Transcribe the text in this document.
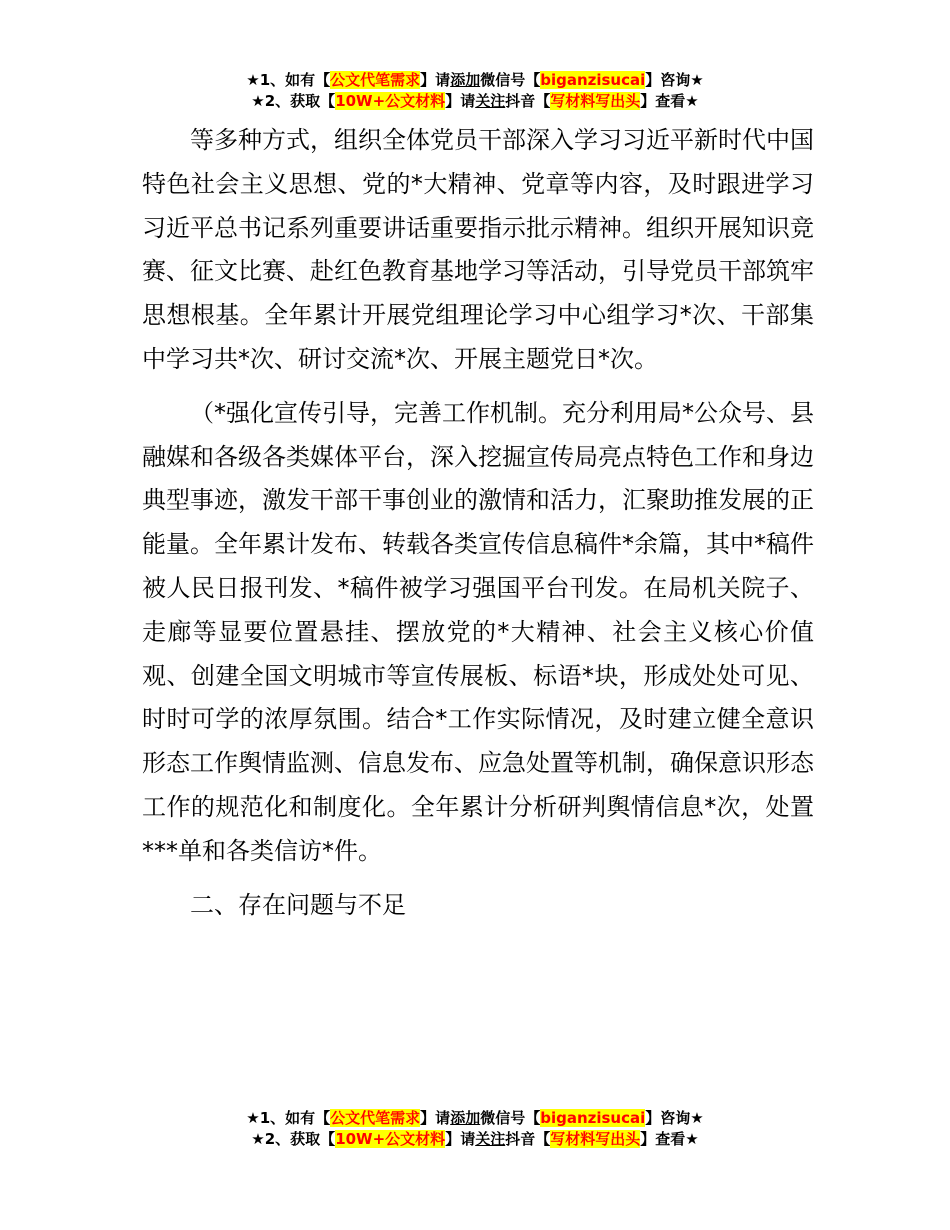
★1、如有【公文代笔需求】请添加微信号【biganzisucai】咨询★
★2、获取【10W+公文材料】请关注抖音【写材料写出头】查看★

等多种方式，组织全体党员干部深入学习习近平新时代中国特色社会主义思想、党的*大精神、党章等内容，及时跟进学习习近平总书记系列重要讲话重要指示批示精神。组织开展知识竞赛、征文比赛、赴红色教育基地学习等活动，引导党员干部筑牢思想根基。全年累计开展党组理论学习中心组学习*次、干部集中学习共*次、研讨交流*次、开展主题党日*次。

（*强化宣传引导，完善工作机制。充分利用局*公众号、县融媒和各级各类媒体平台，深入挖掘宣传局亮点特色工作和身边典型事迹，激发干部干事创业的激情和活力，汇聚助推发展的正能量。全年累计发布、转载各类宣传信息稿件*余篇，其中*稿件被人民日报刊发、*稿件被学习强国平台刊发。在局机关院子、走廊等显要位置悬挂、摆放党的*大精神、社会主义核心价值观、创建全国文明城市等宣传展板、标语*块，形成处处可见、时时可学的浓厚氛围。结合*工作实际情况，及时建立健全意识形态工作舆情监测、信息发布、应急处置等机制，确保意识形态工作的规范化和制度化。全年累计分析研判舆情信息*次，处置***单和各类信访*件。

二、存在问题与不足

★1、如有【公文代笔需求】请添加微信号【biganzisucai】咨询★
★2、获取【10W+公文材料】请关注抖音【写材料写出头】查看★
